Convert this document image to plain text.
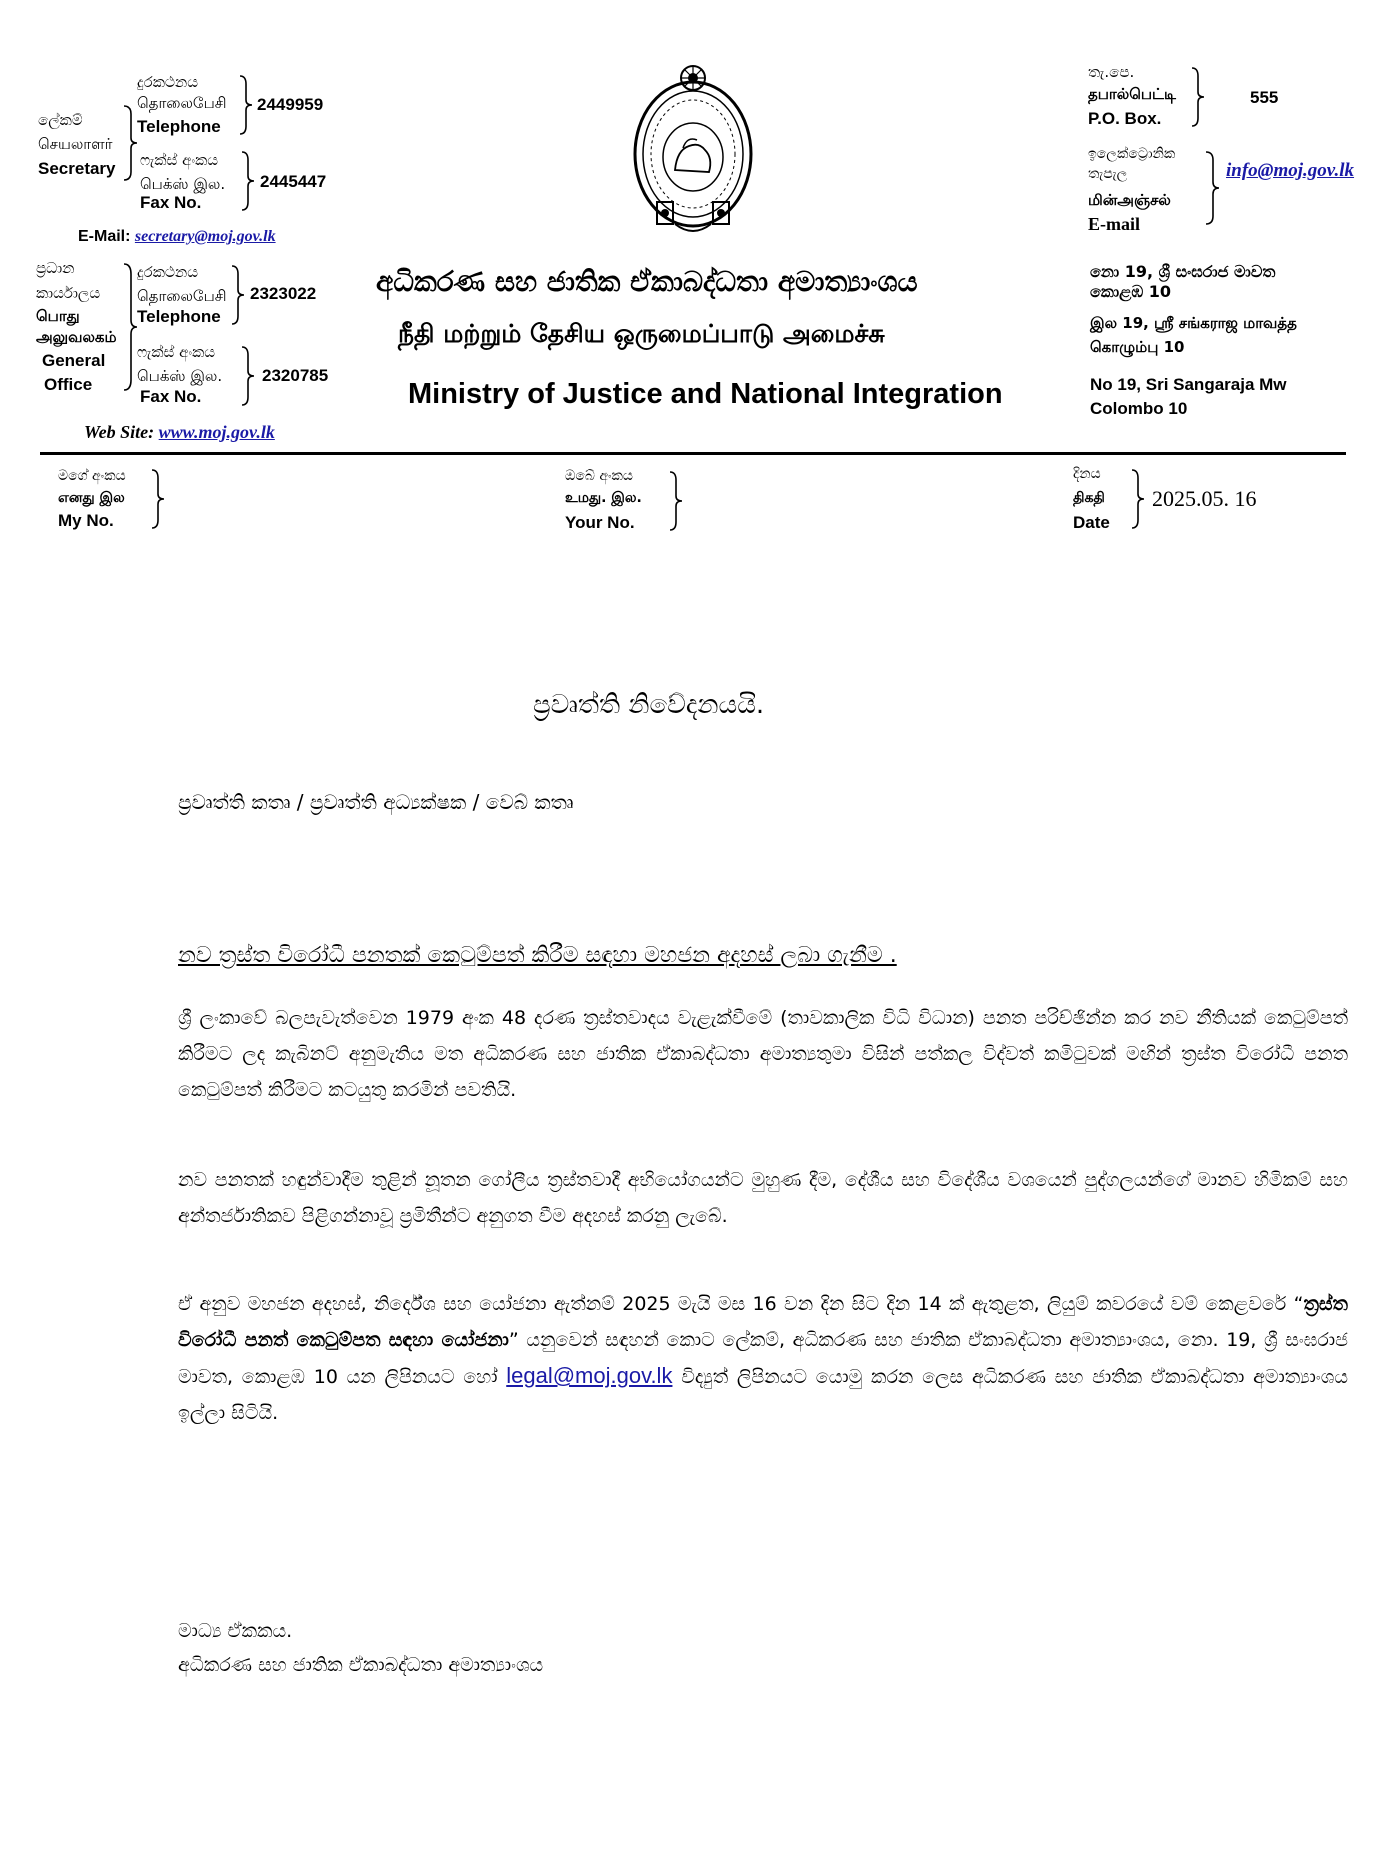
දුරකථනය
தொலைபேசி
Telephone
2449959
ලේකම්
செயலாளர்
Secretary ෆැක්ස් අංකය
பெக்ஸ் இல.
Fax No.
2445447
E-Mail: secretary@moj.gov.lk
ප්‍රධාන
කාර්යාලය
பொது
அலுவலகம்
General
Office
දුරකථනය
தொலைபேசி
Telephone
2323022
ෆැක්ස් අංකය
பெக்ஸ் இல.
Fax No.
2320785
Web Site: www.moj.gov.lk
අධිකරණ සහ ජාතික ඒකාබද්ධතා අමාත්‍යාංශය
நீதி மற்றும் தேசிய ஒருமைப்பாடு அமைச்சு
Ministry of Justice and National Integration
තැ.පෙ.
தபால்பெட்டி
P.O. Box.
555
ඉලෙක්ට්‍රොනික
තැපැල
மின்அஞ்சல்
E-mail
info@moj.gov.lk
නො 19, ශ්‍රී සංඝරාජ මාවත
කොළඹ 10
இல 19, ஸ்ரீ சங்கராஜ மாவத்த
கொழும்பு 10
No 19, Sri Sangaraja Mw
Colombo 10
මගේ අංකය
எனது இல
My No.
ඔබේ අංකය
உமது. இல.
Your No.
දිනය
திகதி
Date
2025.05. 16
ප්‍රවෘත්ති නිවේදනයයි.
ප්‍රවෘත්ති කතෘ / ප්‍රවෘත්ති අධ්‍යක්ෂක / වෙබ් කතෘ
නව ත්‍රස්ත විරෝධී පනතක් කෙටුම්පත් කිරීම සඳහා මහජන අදහස් ලබා ගැනීම .
ශ්‍රී ලංකාවේ බලපැවැත්වෙන 1979 අංක 48 දරණ ත්‍රස්තවාදය වැළැක්වීමේ (තාවකාලික විධි විධාන) පනත පරිච්ඡින්න කර නව නීතියක් කෙටුම්පත් කිරීමට ලද කැබිනට් අනුමැතිය මත අධිකරණ සහ ජාතික ඒකාබද්ධතා අමාත්‍යතුමා විසින් පත්කල විද්වත් කමිටුවක් මඟින් ත්‍රස්ත විරෝධී පනත කෙටුම්පත් කිරීමට කටයුතු කරමින් පවතියි.
නව පනතක් හඳුන්වාදීම තුළින් නූතන ගෝලීය ත්‍රස්තවාදී අභියෝගයන්ට මුහුණ දීම, දේශීය සහ විදේශීය වශයෙන් පුද්ගලයන්ගේ මානව හිමිකම් සහ අන්තර්ජාතිකව පිළිගන්නාවූ ප්‍රමිතීන්ට අනුගත වීම අදහස් කරනු ලැබේ.
ඒ අනුව මහජන අදහස්, නිර්දේශ සහ යෝජනා ඇත්නම් 2025 මැයි මස 16 වන දින සිට දින 14 ක් ඇතුළත, ලියුම් කවරයේ වම් කෙළවරේ “ත්‍රස්ත විරෝධී පනත් කෙටුම්පත සඳහා යෝජනා” යනුවෙන් සඳහන් කොට ලේකම්, අධිකරණ සහ ජාතික ඒකාබද්ධතා අමාත්‍යාංශය, නො. 19, ශ්‍රී සංඝරාජ මාවත, කොළඹ 10 යන ලිපිනයට හෝ legal@moj.gov.lk විද්‍යුත් ලිපිනයට යොමු කරන ලෙස අධිකරණ සහ ජාතික ඒකාබද්ධතා අමාත්‍යාංශය ඉල්ලා සිටියි.
මාධ්‍ය ඒකකය.
අධිකරණ සහ ජාතික ඒකාබද්ධතා අමාත්‍යාංශය
